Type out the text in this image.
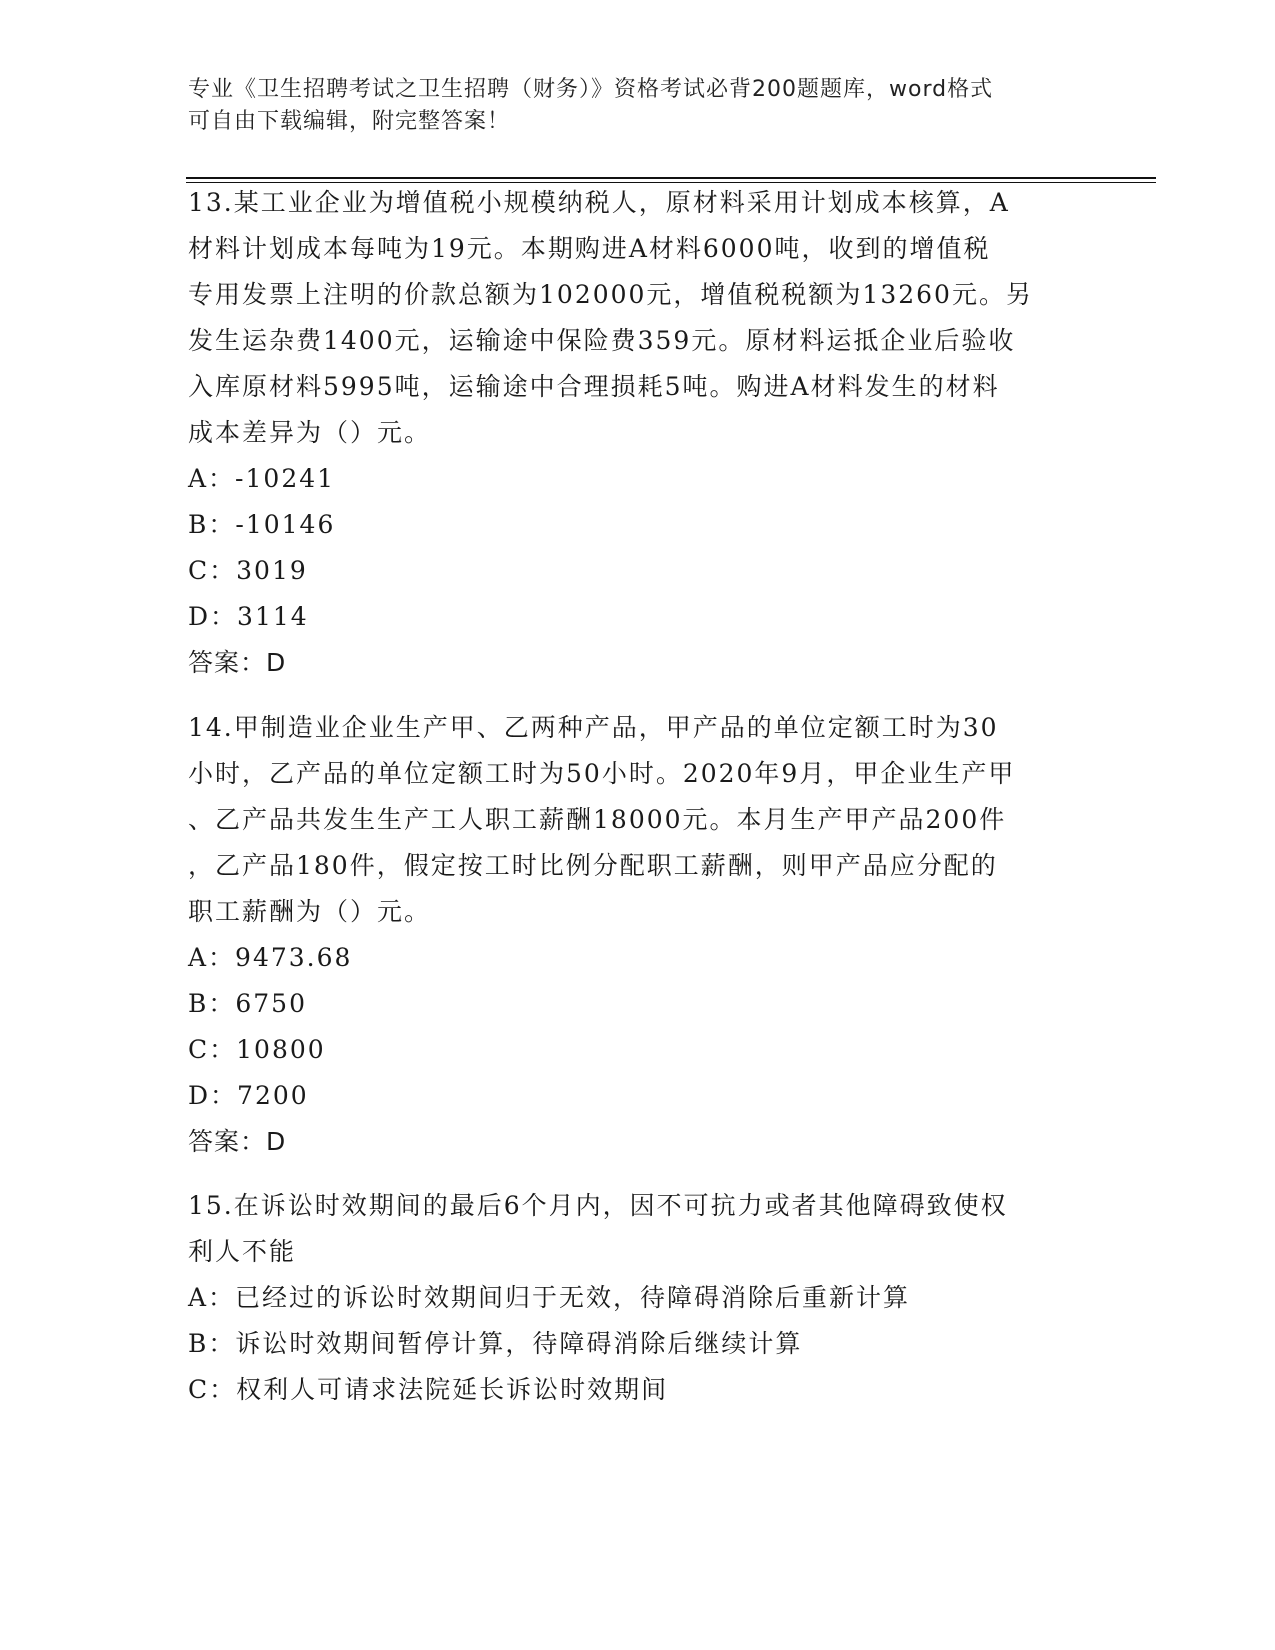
专业《卫生招聘考试之卫生招聘（财务）》资格考试必背200题题库，word格式
可自由下载编辑，附完整答案！
13.某工业企业为增值税小规模纳税人，原材料采用计划成本核算，A
材料计划成本每吨为19元。本期购进A材料6000吨，收到的增值税
专用发票上注明的价款总额为102000元，增值税税额为13260元。另
发生运杂费1400元，运输途中保险费359元。原材料运抵企业后验收
入库原材料5995吨，运输途中合理损耗5吨。购进A材料发生的材料
成本差异为（）元。
A：-10241
B：-10146
C：3019
D：3114
答案：D
14.甲制造业企业生产甲、乙两种产品，甲产品的单位定额工时为30
小时，乙产品的单位定额工时为50小时。2020年9月，甲企业生产甲
、乙产品共发生生产工人职工薪酬18000元。本月生产甲产品200件
，乙产品180件，假定按工时比例分配职工薪酬，则甲产品应分配的
职工薪酬为（）元。
A：9473.68
B：6750
C：10800
D：7200
答案：D
15.在诉讼时效期间的最后6个月内，因不可抗力或者其他障碍致使权
利人不能
A：已经过的诉讼时效期间归于无效，待障碍消除后重新计算
B：诉讼时效期间暂停计算，待障碍消除后继续计算
C：权利人可请求法院延长诉讼时效期间
